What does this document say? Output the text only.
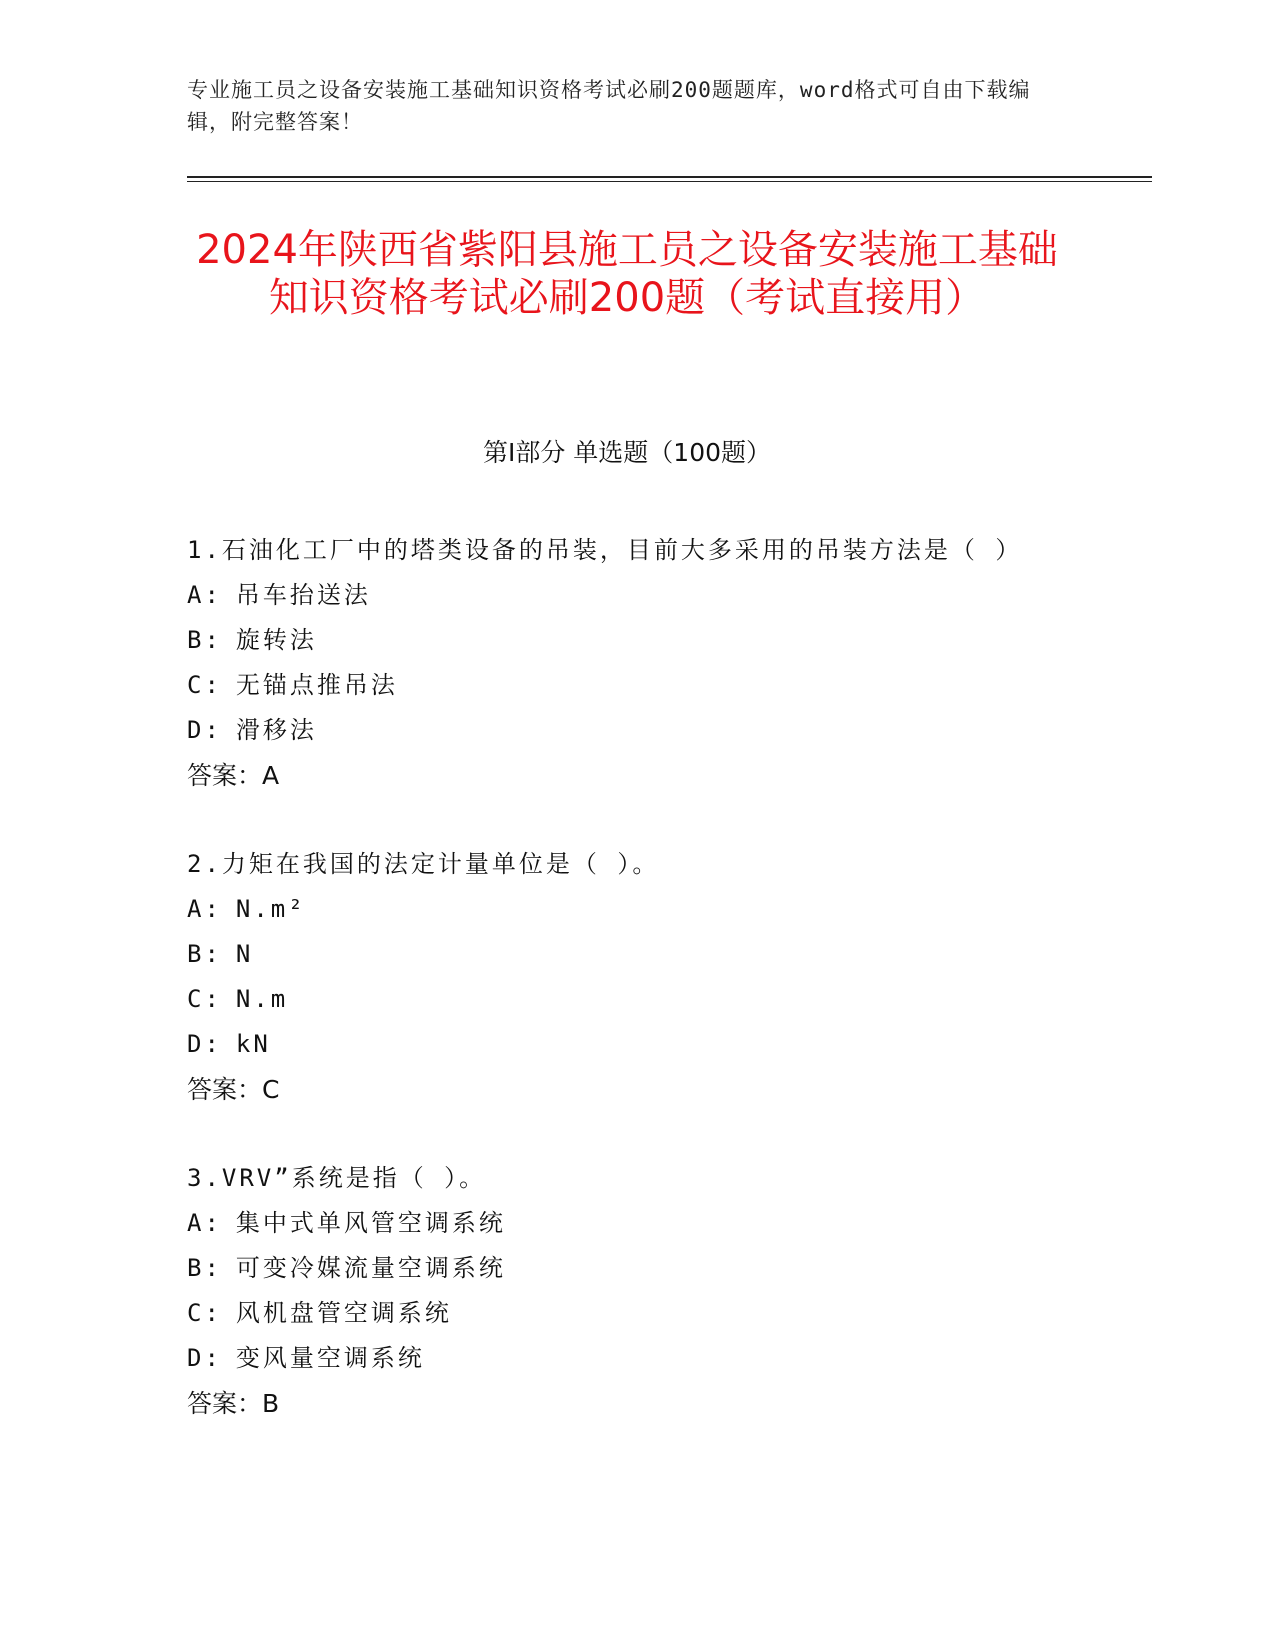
专业施工员之设备安装施工基础知识资格考试必刷200题题库，word格式可自由下载编辑，附完整答案！
2024年陕西省紫阳县施工员之设备安装施工基础知识资格考试必刷200题（考试直接用）
第I部分 单选题（100题）
1.石油化工厂中的塔类设备的吊装，目前大多采用的吊装方法是（ ）
A: 吊车抬送法
B: 旋转法
C: 无锚点推吊法
D: 滑移法
答案：A
2.力矩在我国的法定计量单位是（ ）。
A: N.m²
B: N
C: N.m
D: kN
答案：C
3.VRV”系统是指（ ）。
A: 集中式单风管空调系统
B: 可变冷媒流量空调系统
C: 风机盘管空调系统
D: 变风量空调系统
答案：B
